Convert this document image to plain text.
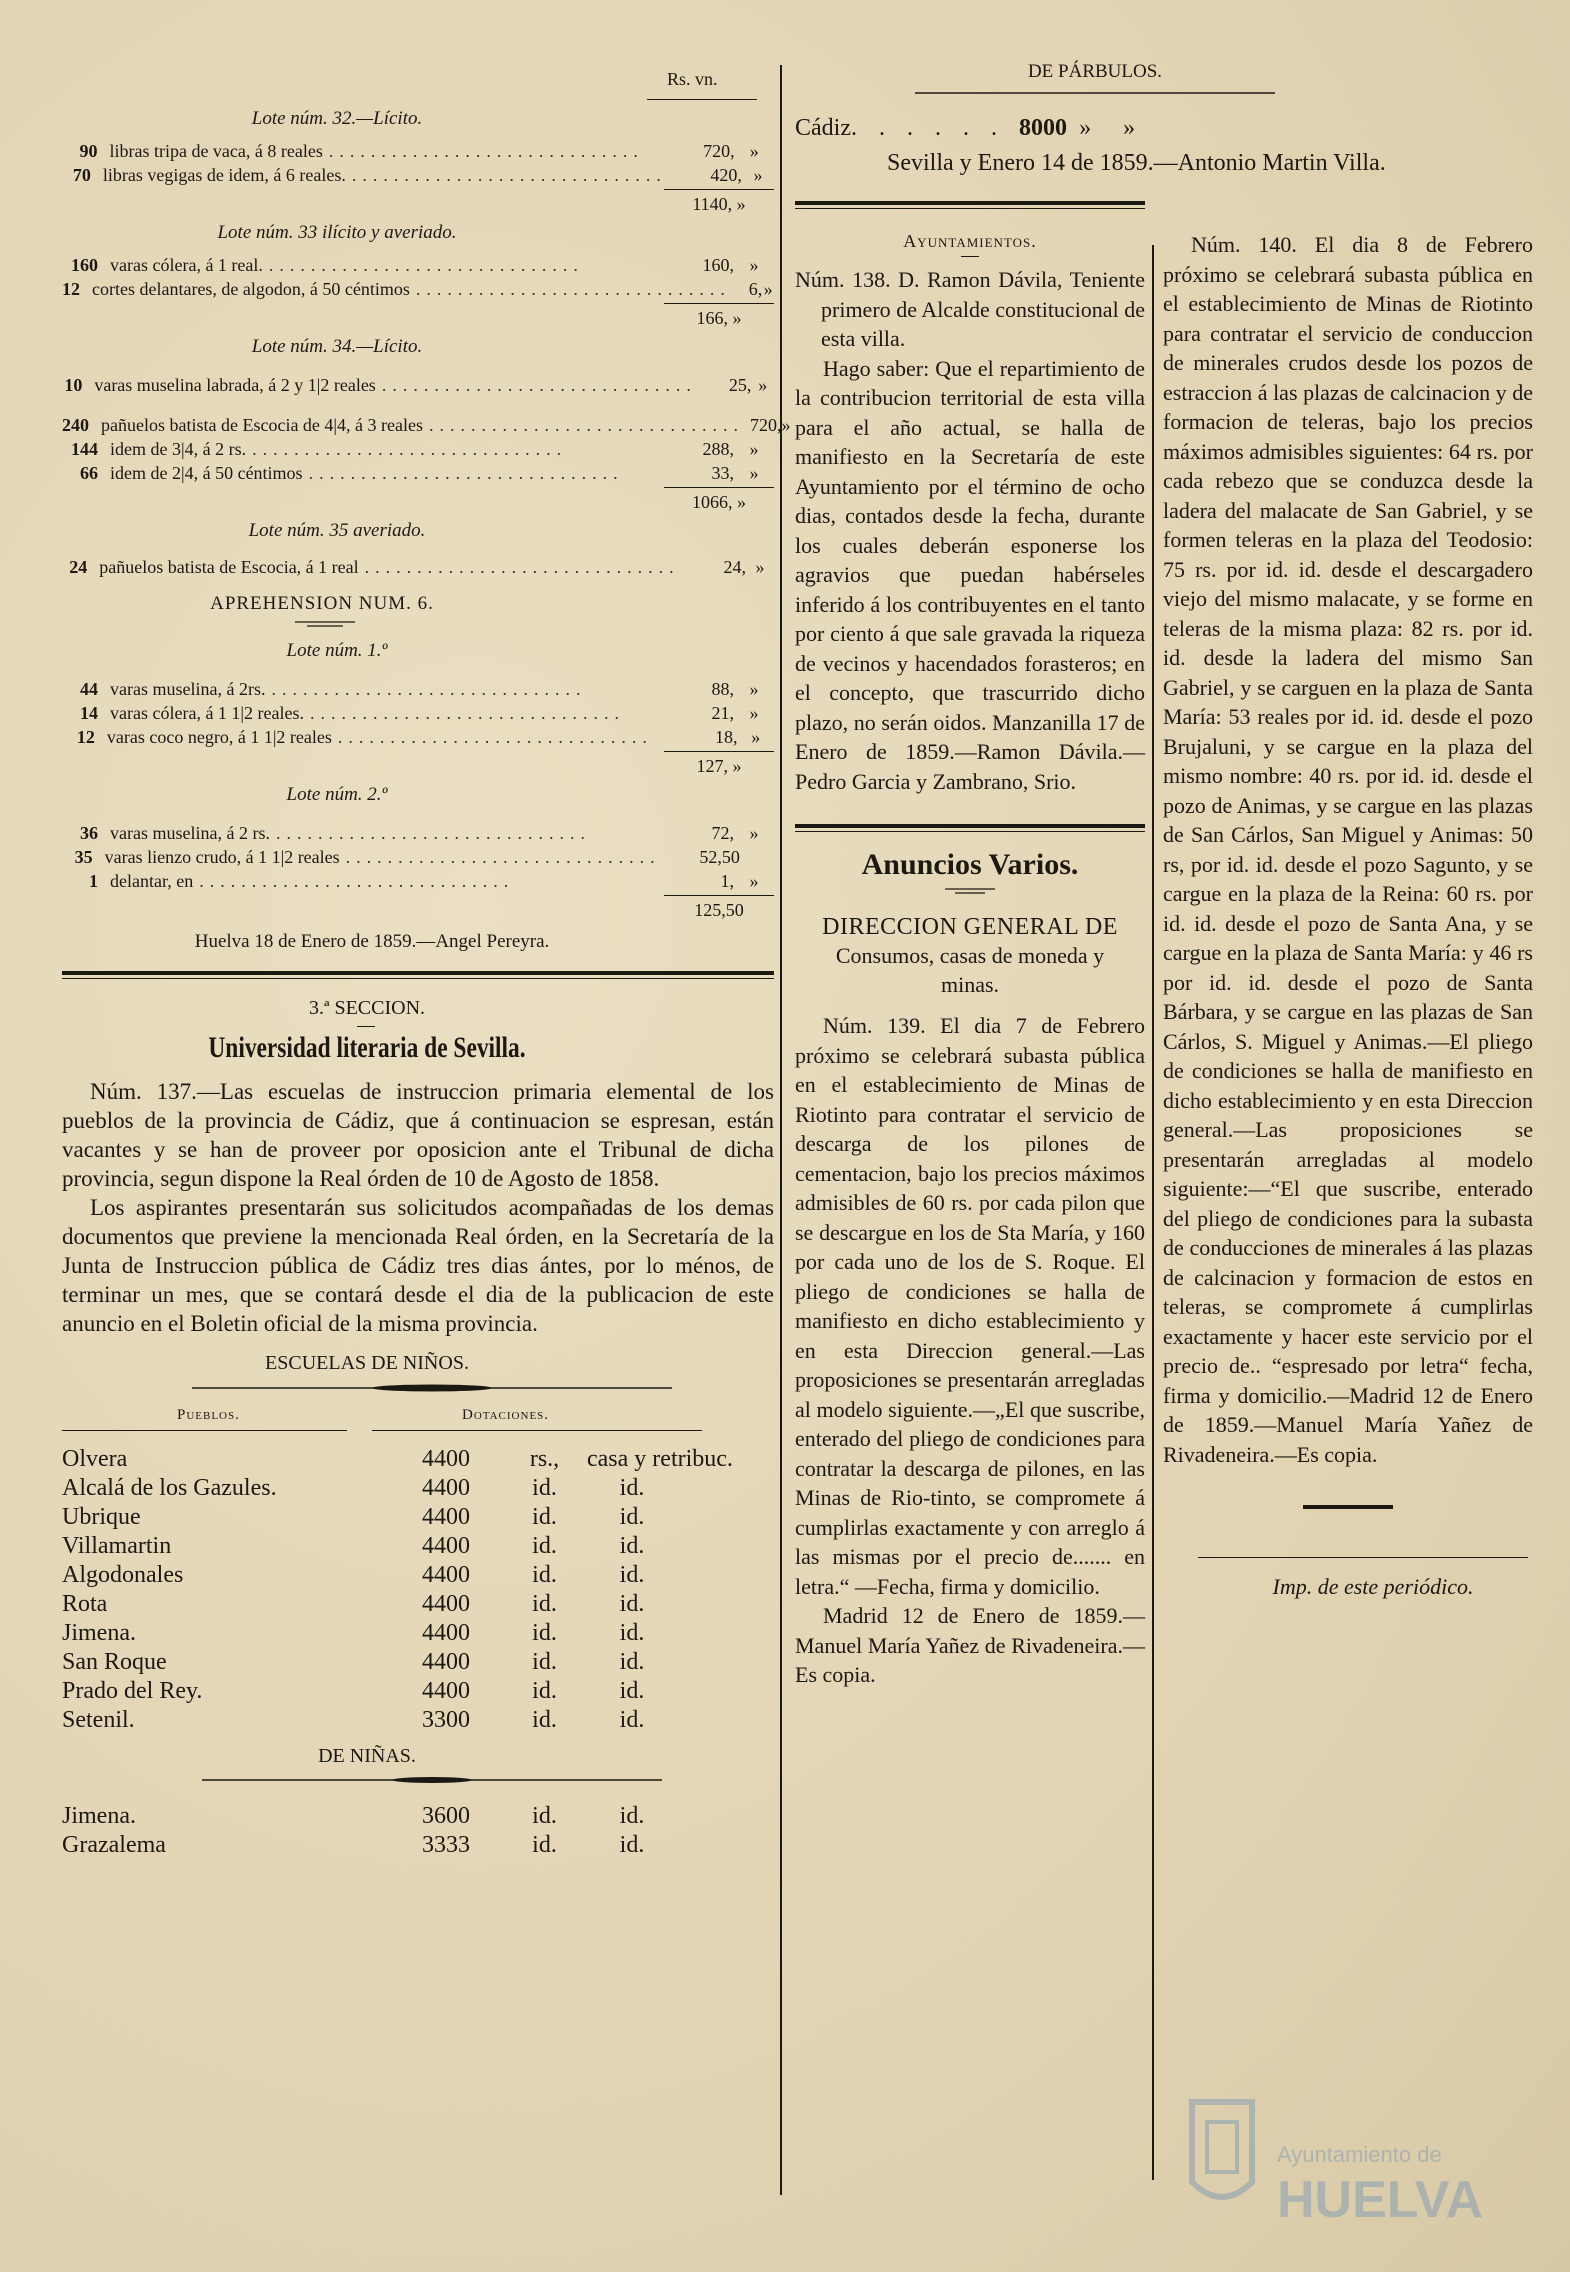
Rs. vn.
Lote núm. 32.—Lícito.
90 libras tripa de vaca, á 8 reales ..............................	720, »
70 libras vegigas de idem, á 6 reales. ..............................	420, »
1140, »
Lote núm. 33 ilícito y averiado.
160 varas cólera, á 1 real. ..............................	160, »
12 cortes delantares, de algodon, á 50 céntimos .............................. 6, »
166, »
Lote núm. 34.—Lícito.
10 varas muselina labrada, á 2 y 1|2 reales ..............................	25, »
240 pañuelos batista de Escocia de 4|4, á 3 reales .............................. 720, »
144 idem de 3|4, á 2 rs. ..............................	288, »
66 idem de 2|4, á 50 céntimos ..............................	33, »
1066, »
Lote núm. 35 averiado.
24 pañuelos batista de Escocia, á 1 real ..............................	24, »
APREHENSION NUM. 6.
Lote núm. 1.º
44 varas muselina, á 2rs. ..............................	88, »
14 varas cólera, á 1 1|2 reales. ..............................	21, »
12 varas coco negro, á 1 1|2 reales ..............................	18, »
127, »
Lote núm. 2.º
36 varas muselina, á 2 rs. ..............................	72, »
35 varas lienzo crudo, á 1 1|2 reales ..............................	52,50
1 delantar, en ..............................	1, »
125,50
Huelva 18 de Enero de 1859.—Angel Pereyra.
3.ª SECCION.
Universidad literaria de Sevilla.
Núm. 137.—Las escuelas de instruccion primaria elemental de los pueblos de la provincia de Cádiz, que á continuacion se espresan, están vacantes y se han de proveer por oposicion ante el Tribunal de dicha provincia, segun dispone la Real órden de 10 de Agosto de 1858.
Los aspirantes presentarán sus solicitudos acompañadas de los demas documentos que previene la mencionada Real órden, en la Secretaría de la Junta de Instruccion pública de Cádiz tres dias ántes, por lo ménos, de terminar un mes, que se contará desde el dia de la publicacion de este anuncio en el Boletin oficial de la misma provincia.
ESCUELAS DE NIÑOS.
Pueblos.	Dotaciones.
Olvera	4400	rs.,	casa y retribuc.
Alcalá de los Gazules.	4400	id.	id.
Ubrique	4400	id.	id.
Villamartin	4400	id.	id.
Algodonales	4400	id.	id.
Rota	4400	id.	id.
Jimena.	4400	id.	id.
San Roque	4400	id.	id.
Prado del Rey.	4400	id.	id.
Setenil.	3300	id.	id.
DE NIÑAS.
Jimena.	3600	id.	id.
Grazalema	3333	id.	id.
DE PÁRBULOS.
Cádiz ...... 8000 »	»
Sevilla y Enero 14 de 1859.—Antonio Martin Villa.
Ayuntamientos.
Núm. 138. D. Ramon Dávila, Teniente primero de Alcalde constitucional de esta villa.
Hago saber: Que el repartimiento de la contribucion territorial de esta villa para el año actual, se halla de manifiesto en la Secretaría de este Ayuntamiento por el término de ocho dias, contados desde la fecha, durante los cuales deberán esponerse los agravios que puedan habérseles inferido á los contribuyentes en el tanto por ciento á que sale gravada la riqueza de vecinos y hacendados forasteros; en el concepto, que trascurrido dicho plazo, no serán oidos. Manzanilla 17 de Enero de 1859.—Ramon Dávila.—Pedro Garcia y Zambrano, Srio.
Anuncios Varios.
DIRECCION GENERAL DE
Consumos, casas de moneda y minas.
Núm. 139. El dia 7 de Febrero próximo se celebrará subasta pública en el establecimiento de Minas de Riotinto para contratar el servicio de descarga de los pilones de cementacion, bajo los precios máximos admisibles de 60 rs. por cada pilon que se descargue en los de Sta María, y 160 por cada uno de los de S. Roque. El pliego de condiciones se halla de manifiesto en dicho establecimiento y en esta Direccion general.—Las proposiciones se presentarán arregladas al modelo siguiente.—„El que suscribe, enterado del pliego de condiciones para contratar la descarga de pilones, en las Minas de Rio-tinto, se compromete á cumplirlas exactamente y con arreglo á las mismas por el precio de....... en letra.“ —Fecha, firma y domicilio.
Madrid 12 de Enero de 1859.—Manuel María Yañez de Rivadeneira.—Es copia.
Núm. 140. El dia 8 de Febrero próximo se celebrará subasta pública en el establecimiento de Minas de Riotinto para contratar el servicio de conduccion de minerales crudos desde los pozos de estraccion á las plazas de calcinacion y de formacion de teleras, bajo los precios máximos admisibles siguientes: 64 rs. por cada rebezo que se conduzca desde la ladera del malacate de San Gabriel, y se formen teleras en la plaza del Teodosio: 75 rs. por id. id. desde el descargadero viejo del mismo malacate, y se forme en teleras de la misma plaza: 82 rs. por id. id. desde la ladera del mismo San Gabriel, y se carguen en la plaza de Santa María: 53 reales por id. id. desde el pozo Brujaluni, y se cargue en la plaza del mismo nombre: 40 rs. por id. id. desde el pozo de Animas, y se cargue en las plazas de San Cárlos, San Miguel y Animas: 50 rs, por id. id. desde el pozo Sagunto, y se cargue en la plaza de la Reina: 60 rs. por id. id. desde el pozo de Santa Ana, y se cargue en la plaza de Santa María: y 46 rs por id. id. desde el pozo de Santa Bárbara, y se cargue en las plazas de San Cárlos, S. Miguel y Animas.—El pliego de condiciones se halla de manifiesto en dicho establecimiento y en esta Direccion general.—Las proposiciones se presentarán arregladas al modelo siguiente:—“El que suscribe, enterado del pliego de condiciones para la subasta de conducciones de minerales á las plazas de calcinacion y formacion de estos en teleras, se compromete á cumplirlas exactamente y hacer este servicio por el precio de.. “espresado por letra“ fecha, firma y domicilio.—Madrid 12 de Enero de 1859.—Manuel María Yañez de Rivadeneira.—Es copia.
Imp. de este periódico.
Ayuntamiento de
HUELVA
